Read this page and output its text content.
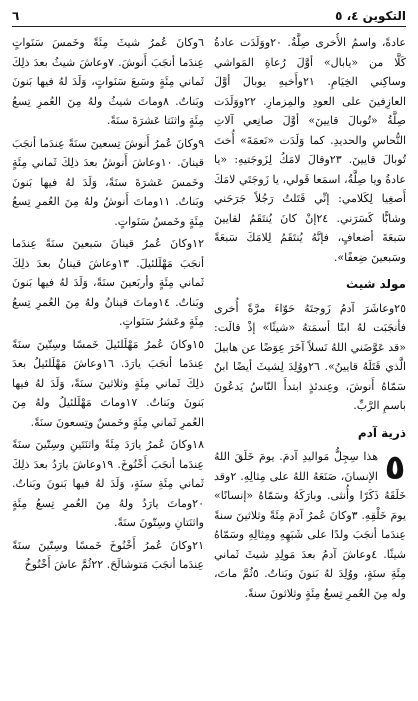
٦	التكوين ٤، ٥

عادةً، واسمُ الأُخرى صِلَّةُ. ٢٠ووَلَدَت عادةُ كَلَّا من «يابال» أوَّلَ رُعاةِ المَواشي وساكِني الخِيَامِ. ٢١وأَخيهِ يوبالَ أوَّلَ العازِفينَ على العودِ والمِزمارِ. ٢٢ووَلَدَت صِلَّةُ «تُوبالَ قايينَ» أوَّلَ صانِعي آلاتِ النُّحاسِ والحديدِ. كما وَلَدَت «نَعمَةَ» أُختَ تُوبالَ قايينَ. ٢٣وقالَ لامَكُ لِزَوجَتيهِ: «يا عادةُ ويا صِلَّةُ، اسمَعا قَولي، يا زَوجَتَي لامَكَ أَصغِيا لِكَلامي: إنِّي قَتَلتُ رَجُلاً جَرَحَني وشابًّا كَسَرَني. ٢٤إنْ كانَ يُنتَقَمُ لقايينَ سَبعَةَ أضعافٍ، فإنَّهُ يُنتَقَمُ لِلامَكَ سَبعَةً وسَبعينَ ضِعفًا».

مولد شيث

٢٥وعاشَرَ آدمُ زَوجتَهُ حَوّاءَ مرَّةً أُخرى فأنجَبَت لهُ ابنًا أسمَتهُ «شيثًا» إذْ قالَت: «قد عَوَّضَني اللهُ نَسلاً آخَرَ عِوَضًا عن هابيلَ الَّذي قَتَلَهُ قايينُ». ٢٦ووُلِدَ لِشيثَ أيضًا ابنٌ سَمّاهُ أَنوشَ، وعِندئذٍ ابتدأَ النّاسُ يَدعُونَ باسمِ الرَّبِّ.

ذرية آدم
٥

هذا سِجِلُّ مَواليدِ آدمَ. يومَ خَلَقَ اللهُ الإنسانَ، صَنَعَهُ اللهُ على مِثالِهِ. ٢وقد خَلَقَهُ ذَكَرًا وأُنثى. وبارَكَهُ وسَمّاهُ «إنسانًا» يومَ خَلْقِهِ. ٣وكانَ عُمرُ آدمَ مِئَةً وثلاثينَ سنةً عِندَما أنجَبَ ولدًا على شَبَهِهِ ومِثالِهِ وسَمّاهُ شيثًا. ٤وعاشَ آدمُ بعدَ مَولِدِ شيثَ ثَماني مِئَةِ سنَةٍ، ووُلِدَ لهُ بَنونَ وبَناتٌ. ٥ثُمَّ ماتَ، وله مِنَ العُمرِ تِسعُ مِئَةٍ وثلاثونَ سنةً.

٦وكانَ عُمرُ شيثَ مِئَةً وخَمسَ سَنَواتٍ عِندَما أنجَبَ أَنوشَ. ٧وعاشَ شيثُ بعدَ ذلِكَ ثَماني مِئَةٍ وسَبعَ سَنَواتٍ، وَلَدَ لهُ فيها بَنونَ وبَناتٌ. ٨وماتَ شيثُ ولهُ مِنَ العُمرِ تِسعُ مِئَةٍ واثنَتا عَشرَةَ سنَةً.

٩وكانَ عُمرُ أَنوشَ تِسعينَ سنَةً عِندَما أنجَبَ قينانَ. ١٠وعاشَ أَنوشُ بعدَ ذلِكَ ثَماني مِئَةٍ وخَمسَ عَشرَةَ سنَةً، وَلَدَ لهُ فيها بَنونَ وبَناتٌ. ١١وماتَ أَنوشُ ولهُ مِنَ العُمرِ تِسعُ مِئَةٍ وخَمسُ سَنَواتٍ.

١٢وكانَ عُمرُ قينانَ سَبعينَ سنَةً عِندَما أنجَبَ مَهْلَلئيلَ. ١٣وعاشَ قينانُ بعدَ ذلِكَ ثَماني مِئَةٍ وأربَعينَ سنَةً، وَلَدَ لهُ فيها بَنونَ وبَناتٌ. ١٤وماتَ قينانُ ولهُ مِنَ العُمرِ تِسعُ مِئَةٍ وعَشرُ سَنَواتٍ.

١٥وكانَ عُمرُ مَهْلَلئيلَ خَمسًا وسِتّينَ سنَةً عِندَما أنجَبَ يارَدَ. ١٦وعاشَ مَهْلَلئيلُ بعدَ ذلِكَ ثَماني مِئَةٍ وثلاثينَ سنَةً، وَلَدَ لهُ فيها بَنونَ وبَناتٌ. ١٧وماتَ مَهْلَلئيلُ ولهُ مِنَ العُمرِ ثَماني مِئَةٍ وخَمسٌ وتِسعونَ سنَةً.

١٨وكانَ عُمرُ يارَدَ مِئَةً واثنَتَينِ وسِتّينَ سنَةً عِندَما أنجَبَ أَخْنُوخَ. ١٩وعاشَ يارَدُ بعدَ ذلِكَ ثَماني مِئَةِ سنَةٍ، وَلَدَ لهُ فيها بَنونَ وبَناتٌ. ٢٠وماتَ يارَدُ ولهُ مِنَ العُمرِ تِسعُ مِئَةٍ واثنَتانِ وسِتّونَ سنَةً.

٢١وكانَ عُمرُ أَخْنُوخَ خَمسًا وسِتّينَ سنَةً عِندَما أنجَبَ مَتوشالَحَ. ٢٢ثُمَّ عاشَ أَخْنُوخُ
